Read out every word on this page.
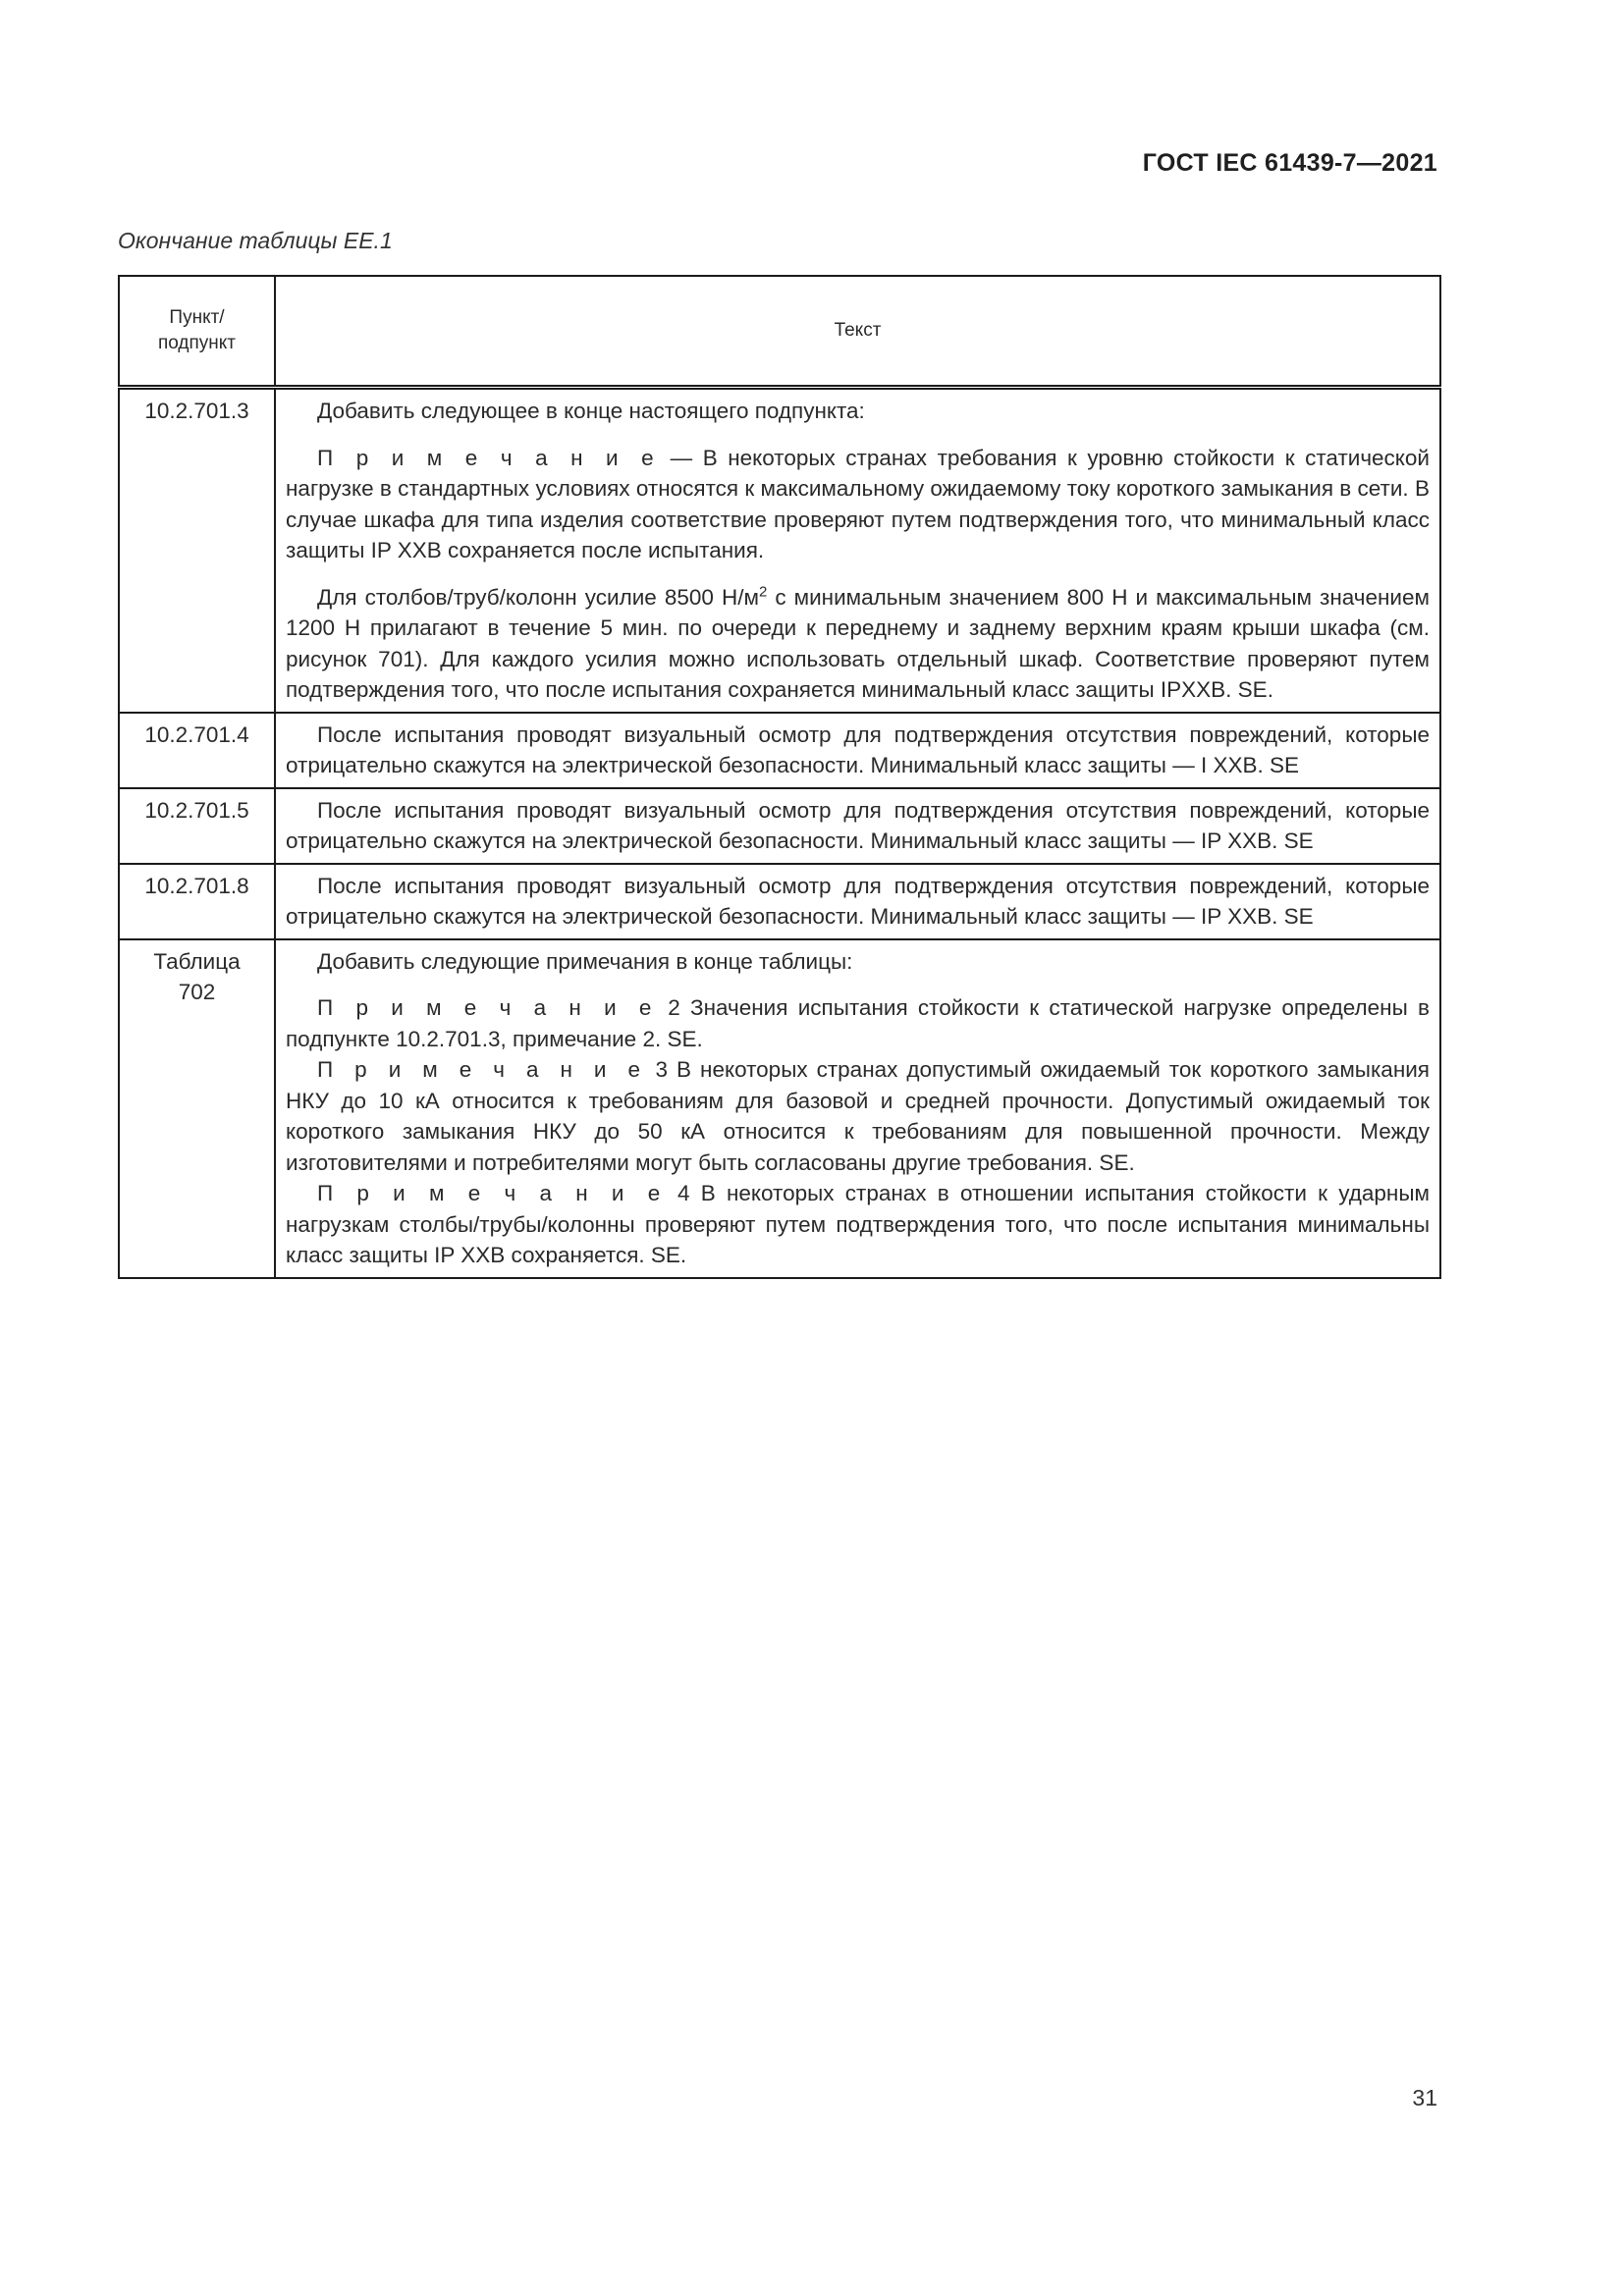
ГОСТ IEC 61439-7—2021
Окончание таблицы ЕЕ.1
Пункт/ подпункт	Текст
10.2.701.3	Добавить следующее в конце настоящего подпункта:

П р и м е ч а н и е — В некоторых странах требования к уровню стойкости к статической нагрузке в стандартных условиях относятся к максимальному ожидаемому току короткого замыкания в сети. В случае шкафа для типа изделия соответствие проверяют путем подтверждения того, что минимальный класс защиты IP XXB сохраняется после испытания.

Для столбов/труб/колонн усилие 8500 $Н/м^2$ с минимальным значением 800 Н и максимальным значением 1200 Н прилагают в течение 5 мин. по очереди к переднему и заднему верхним краям крыши шкафа (см. рисунок 701). Для каждого усилия можно использовать отдельный шкаф. Соответствие проверяют путем подтверждения того, что после испытания сохраняется минимальный класс защиты IPXXB. SE.

10.2.701.4	После испытания проводят визуальный осмотр для подтверждения отсутствия повреждений, которые отрицательно скажутся на электрической безопасности. Минимальный класс защиты — I XXB. SE

10.2.701.5	После испытания проводят визуальный осмотр для подтверждения отсутствия повреждений, которые отрицательно скажутся на электрической безопасности. Минимальный класс защиты — IP XXB. SE

10.2.701.8	После испытания проводят визуальный осмотр для подтверждения отсутствия повреждений, которые отрицательно скажутся на электрической безопасности. Минимальный класс защиты — IP XXB. SE

Таблица 702	Добавить следующие примечания в конце таблицы:

П р и м е ч а н и е 2 Значения испытания стойкости к статической нагрузке определены в подпункте 10.2.701.3, примечание 2. SE.

П р и м е ч а н и е 3 В некоторых странах допустимый ожидаемый ток короткого замыкания НКУ до 10 кА относится к требованиям для базовой и средней прочности. Допустимый ожидаемый ток короткого замыкания НКУ до 50 кА относится к требованиям для повышенной прочности. Между изготовителями и потребителями могут быть согласованы другие требования. SE.

П р и м е ч а н и е 4 В некоторых странах в отношении испытания стойкости к ударным нагрузкам столбы/трубы/колонны проверяют путем подтверждения того, что после испытания минимальны класс защиты IP XXB сохраняется. SE.

31
